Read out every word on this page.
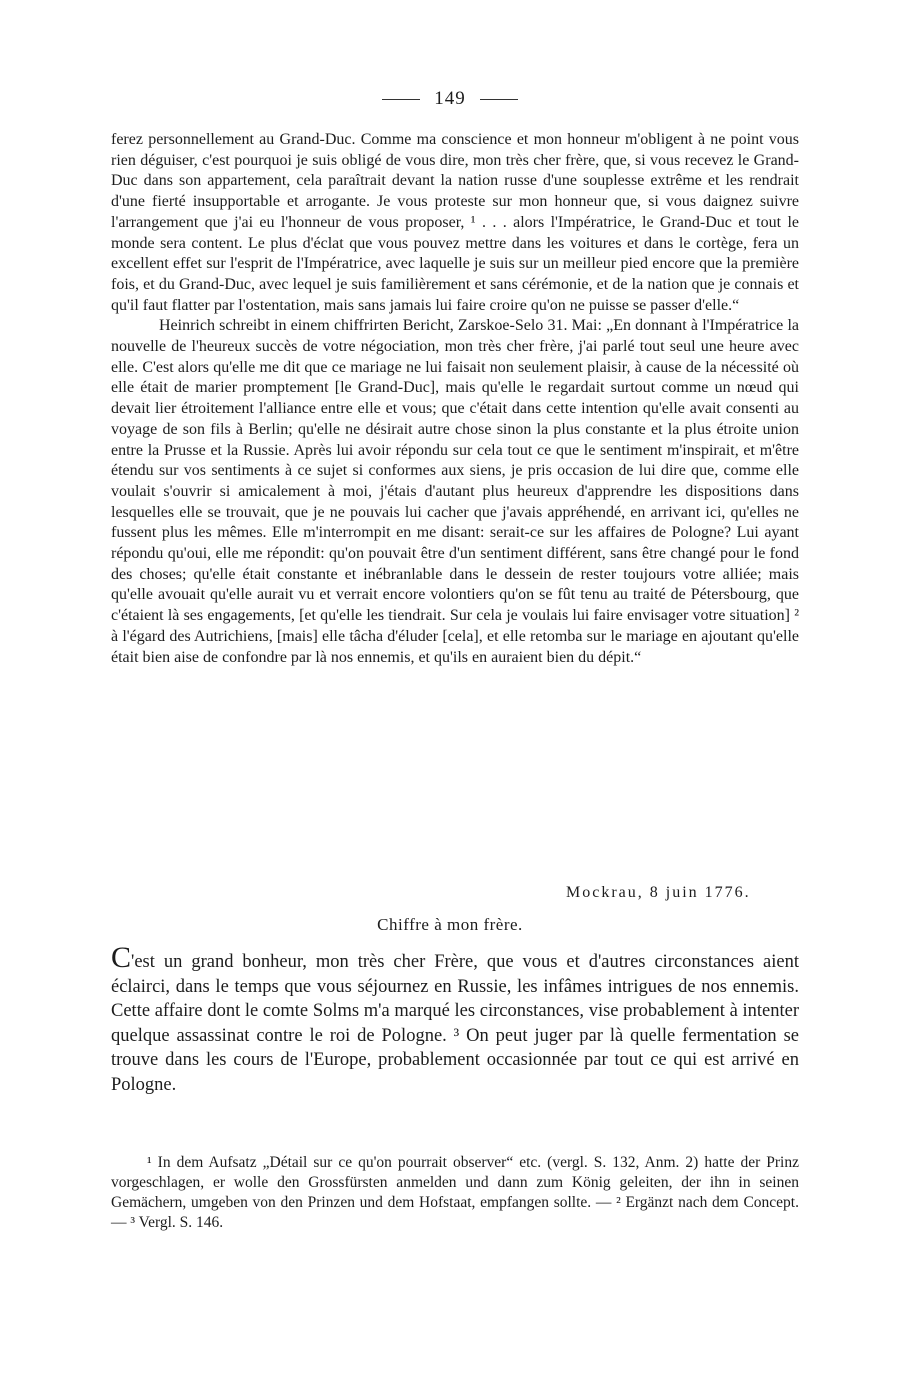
149

ferez personnellement au Grand-Duc. Comme ma conscience et mon honneur m'obligent à ne point vous rien déguiser, c'est pourquoi je suis obligé de vous dire, mon très cher frère, que, si vous recevez le Grand-Duc dans son appartement, cela paraîtrait devant la nation russe d'une souplesse extrême et les rendrait d'une fierté insupportable et arrogante. Je vous proteste sur mon honneur que, si vous daignez suivre l'arrangement que j'ai eu l'honneur de vous proposer, ¹ . . . alors l'Impératrice, le Grand-Duc et tout le monde sera content. Le plus d'éclat que vous pouvez mettre dans les voitures et dans le cortège, fera un excellent effet sur l'esprit de l'Impératrice, avec laquelle je suis sur un meilleur pied encore que la première fois, et du Grand-Duc, avec lequel je suis familièrement et sans cérémonie, et de la nation que je connais et qu'il faut flatter par l'ostentation, mais sans jamais lui faire croire qu'on ne puisse se passer d'elle.“

Heinrich schreibt in einem chiffrirten Bericht, Zarskoe-Selo 31. Mai: „En donnant à l'Impératrice la nouvelle de l'heureux succès de votre négociation, mon très cher frère, j'ai parlé tout seul une heure avec elle. C'est alors qu'elle me dit que ce mariage ne lui faisait non seulement plaisir, à cause de la nécessité où elle était de marier promptement [le Grand-Duc], mais qu'elle le regardait surtout comme un nœud qui devait lier étroitement l'alliance entre elle et vous; que c'était dans cette intention qu'elle avait consenti au voyage de son fils à Berlin; qu'elle ne désirait autre chose sinon la plus constante et la plus étroite union entre la Prusse et la Russie. Après lui avoir répondu sur cela tout ce que le sentiment m'inspirait, et m'être étendu sur vos sentiments à ce sujet si conformes aux siens, je pris occasion de lui dire que, comme elle voulait s'ouvrir si amicalement à moi, j'étais d'autant plus heureux d'apprendre les dispositions dans lesquelles elle se trouvait, que je ne pouvais lui cacher que j'avais appréhendé, en arrivant ici, qu'elles ne fussent plus les mêmes. Elle m'interrompit en me disant: serait-ce sur les affaires de Pologne? Lui ayant répondu qu'oui, elle me répondit: qu'on pouvait être d'un sentiment différent, sans être changé pour le fond des choses; qu'elle était constante et inébranlable dans le dessein de rester toujours votre alliée; mais qu'elle avouait qu'elle aurait vu et verrait encore volontiers qu'on se fût tenu au traité de Pétersbourg, que c'étaient là ses engagements, [et qu'elle les tiendrait. Sur cela je voulais lui faire envisager votre situation] ² à l'égard des Autrichiens, [mais] elle tâcha d'éluder [cela], et elle retomba sur le mariage en ajoutant qu'elle était bien aise de confondre par là nos ennemis, et qu'ils en auraient bien du dépit.“

Mockrau, 8 juin 1776.
Chiffre à mon frère.

C'est un grand bonheur, mon très cher Frère, que vous et d'autres circonstances aient éclairci, dans le temps que vous séjournez en Russie, les infâmes intrigues de nos ennemis. Cette affaire dont le comte Solms m'a marqué les circonstances, vise probablement à intenter quelque assassinat contre le roi de Pologne. ³ On peut juger par là quelle fermentation se trouve dans les cours de l'Europe, probablement occasionnée par tout ce qui est arrivé en Pologne.

¹ In dem Aufsatz „Détail sur ce qu'on pourrait observer“ etc. (vergl. S. 132, Anm. 2) hatte der Prinz vorgeschlagen, er wolle den Grossfürsten anmelden und dann zum König geleiten, der ihn in seinen Gemächern, umgeben von den Prinzen und dem Hofstaat, empfangen sollte. — ² Ergänzt nach dem Concept. — ³ Vergl. S. 146.
